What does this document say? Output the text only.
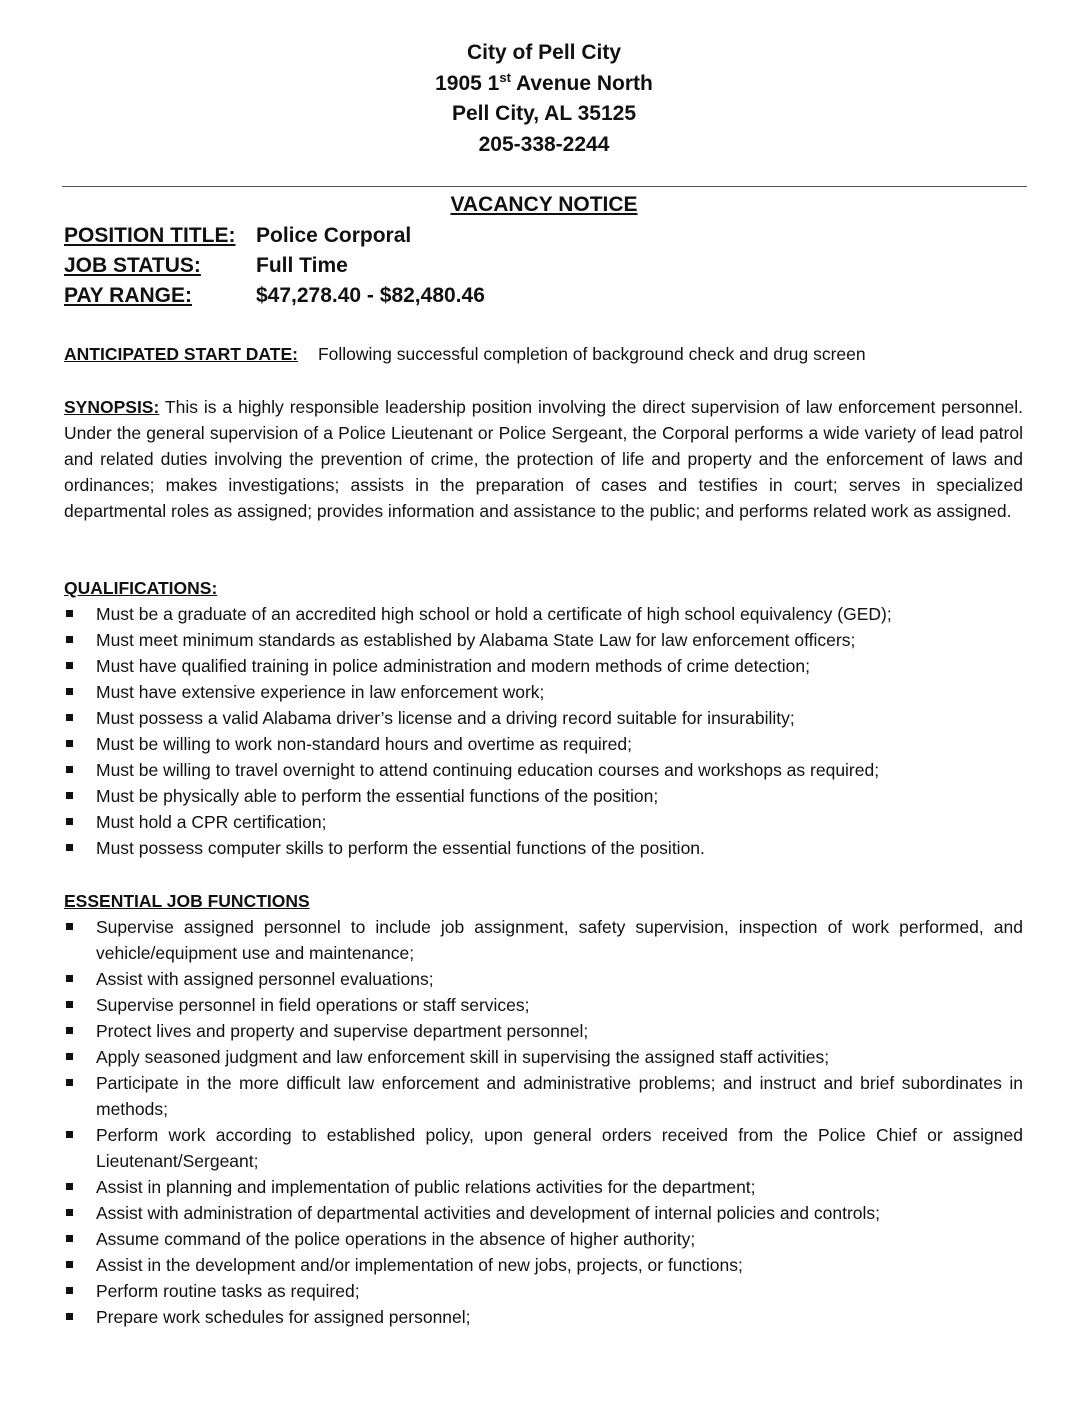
City of Pell City
1905 1st Avenue North
Pell City, AL 35125
205-338-2244
VACANCY NOTICE
POSITION TITLE: Police Corporal
JOB STATUS:	Full Time
PAY RANGE:	$47,278.40 - $82,480.46
ANTICIPATED START DATE: Following successful completion of background check and drug screen
SYNOPSIS: This is a highly responsible leadership position involving the direct supervision of law enforcement personnel. Under the general supervision of a Police Lieutenant or Police Sergeant, the Corporal performs a wide variety of lead patrol and related duties involving the prevention of crime, the protection of life and property and the enforcement of laws and ordinances; makes investigations; assists in the preparation of cases and testifies in court; serves in specialized departmental roles as assigned; provides information and assistance to the public; and performs related work as assigned.
QUALIFICATIONS:
Must be a graduate of an accredited high school or hold a certificate of high school equivalency (GED);
Must meet minimum standards as established by Alabama State Law for law enforcement officers;
Must have qualified training in police administration and modern methods of crime detection;
Must have extensive experience in law enforcement work;
Must possess a valid Alabama driver’s license and a driving record suitable for insurability;
Must be willing to work non-standard hours and overtime as required;
Must be willing to travel overnight to attend continuing education courses and workshops as required;
Must be physically able to perform the essential functions of the position;
Must hold a CPR certification;
Must possess computer skills to perform the essential functions of the position.
ESSENTIAL JOB FUNCTIONS
Supervise assigned personnel to include job assignment, safety supervision, inspection of work performed, and vehicle/equipment use and maintenance;
Assist with assigned personnel evaluations;
Supervise personnel in field operations or staff services;
Protect lives and property and supervise department personnel;
Apply seasoned judgment and law enforcement skill in supervising the assigned staff activities;
Participate in the more difficult law enforcement and administrative problems; and instruct and brief subordinates in methods;
Perform work according to established policy, upon general orders received from the Police Chief or assigned Lieutenant/Sergeant;
Assist in planning and implementation of public relations activities for the department;
Assist with administration of departmental activities and development of internal policies and controls;
Assume command of the police operations in the absence of higher authority;
Assist in the development and/or implementation of new jobs, projects, or functions;
Perform routine tasks as required;
Prepare work schedules for assigned personnel;
